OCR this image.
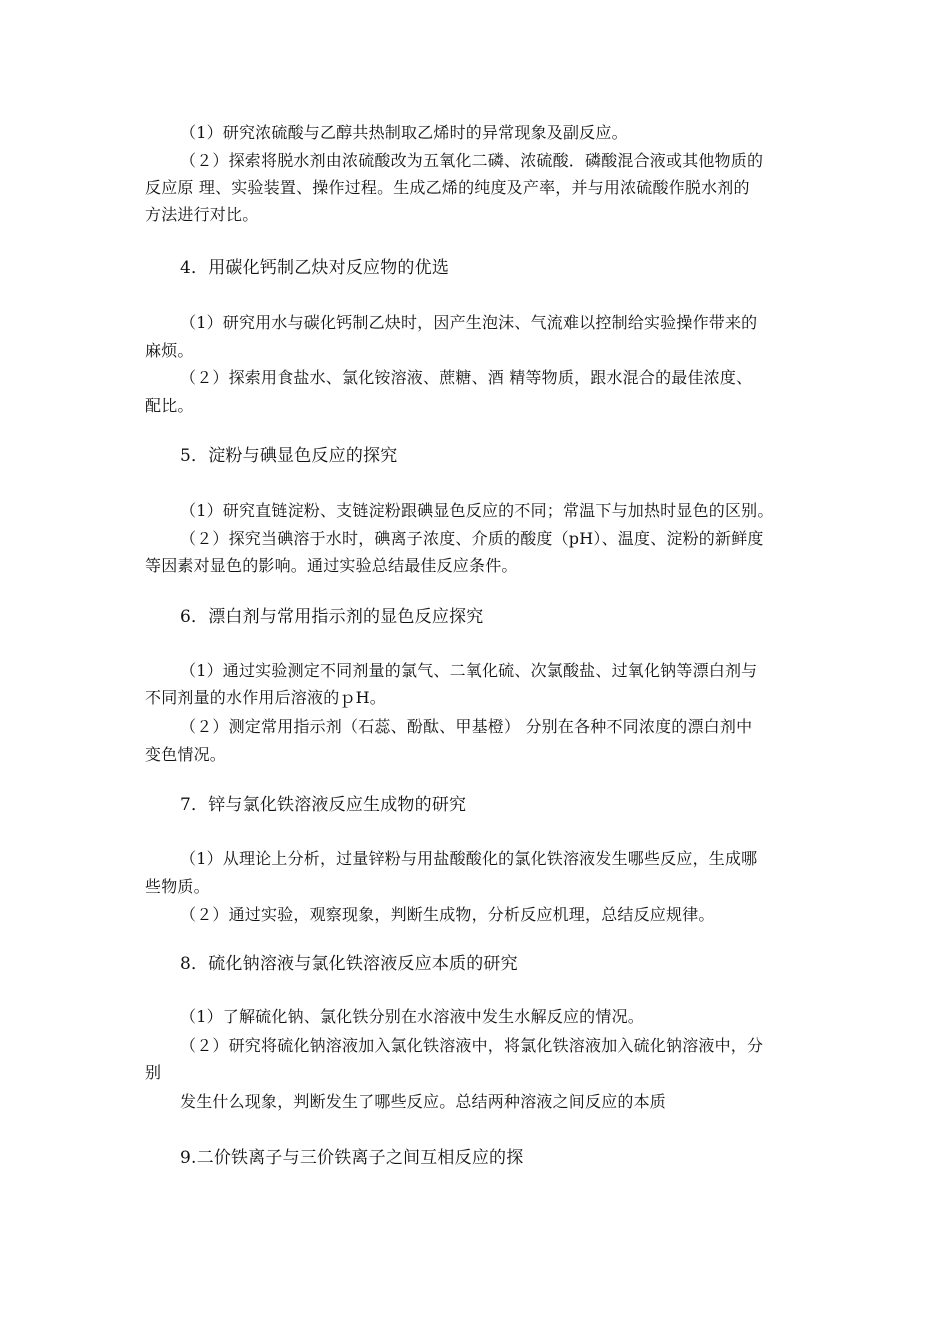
（1）研究浓硫酸与乙醇共热制取乙烯时的异常现象及副反应。
（２）探索将脱水剂由浓硫酸改为五氧化二磷、浓硫酸．磷酸混合液或其他物质的
反应原 理、实验装置、操作过程。生成乙烯的纯度及产率，并与用浓硫酸作脱水剂的
方法进行对比。
4．用碳化钙制乙炔对反应物的优选
（1）研究用水与碳化钙制乙炔时，因产生泡沫、气流难以控制给实验操作带来的
麻烦。
（２）探索用食盐水、氯化铵溶液、蔗糖、酒 精等物质，跟水混合的最佳浓度、
配比。
5．淀粉与碘显色反应的探究
（1）研究直链淀粉、支链淀粉跟碘显色反应的不同；常温下与加热时显色的区别。
（２）探究当碘溶于水时，碘离子浓度、介质的酸度（pH）、温度、淀粉的新鲜度
等因素对显色的影响。通过实验总结最佳反应条件。
6．漂白剂与常用指示剂的显色反应探究
（1）通过实验测定不同剂量的氯气、二氧化硫、次氯酸盐、过氧化钠等漂白剂与
不同剂量的水作用后溶液的ｐH。
（２）测定常用指示剂（石蕊、酚酞、甲基橙） 分别在各种不同浓度的漂白剂中
变色情况。
7．锌与氯化铁溶液反应生成物的研究
（1）从理论上分析，过量锌粉与用盐酸酸化的氯化铁溶液发生哪些反应，生成哪
些物质。
（２）通过实验，观察现象，判断生成物，分析反应机理，总结反应规律。
8．硫化钠溶液与氯化铁溶液反应本质的研究
（1）了解硫化钠、氯化铁分别在水溶液中发生水解反应的情况。
（２）研究将硫化钠溶液加入氯化铁溶液中，将氯化铁溶液加入硫化钠溶液中，分
别
发生什么现象，判断发生了哪些反应。总结两种溶液之间反应的本质
9.二价铁离子与三价铁离子之间互相反应的探
